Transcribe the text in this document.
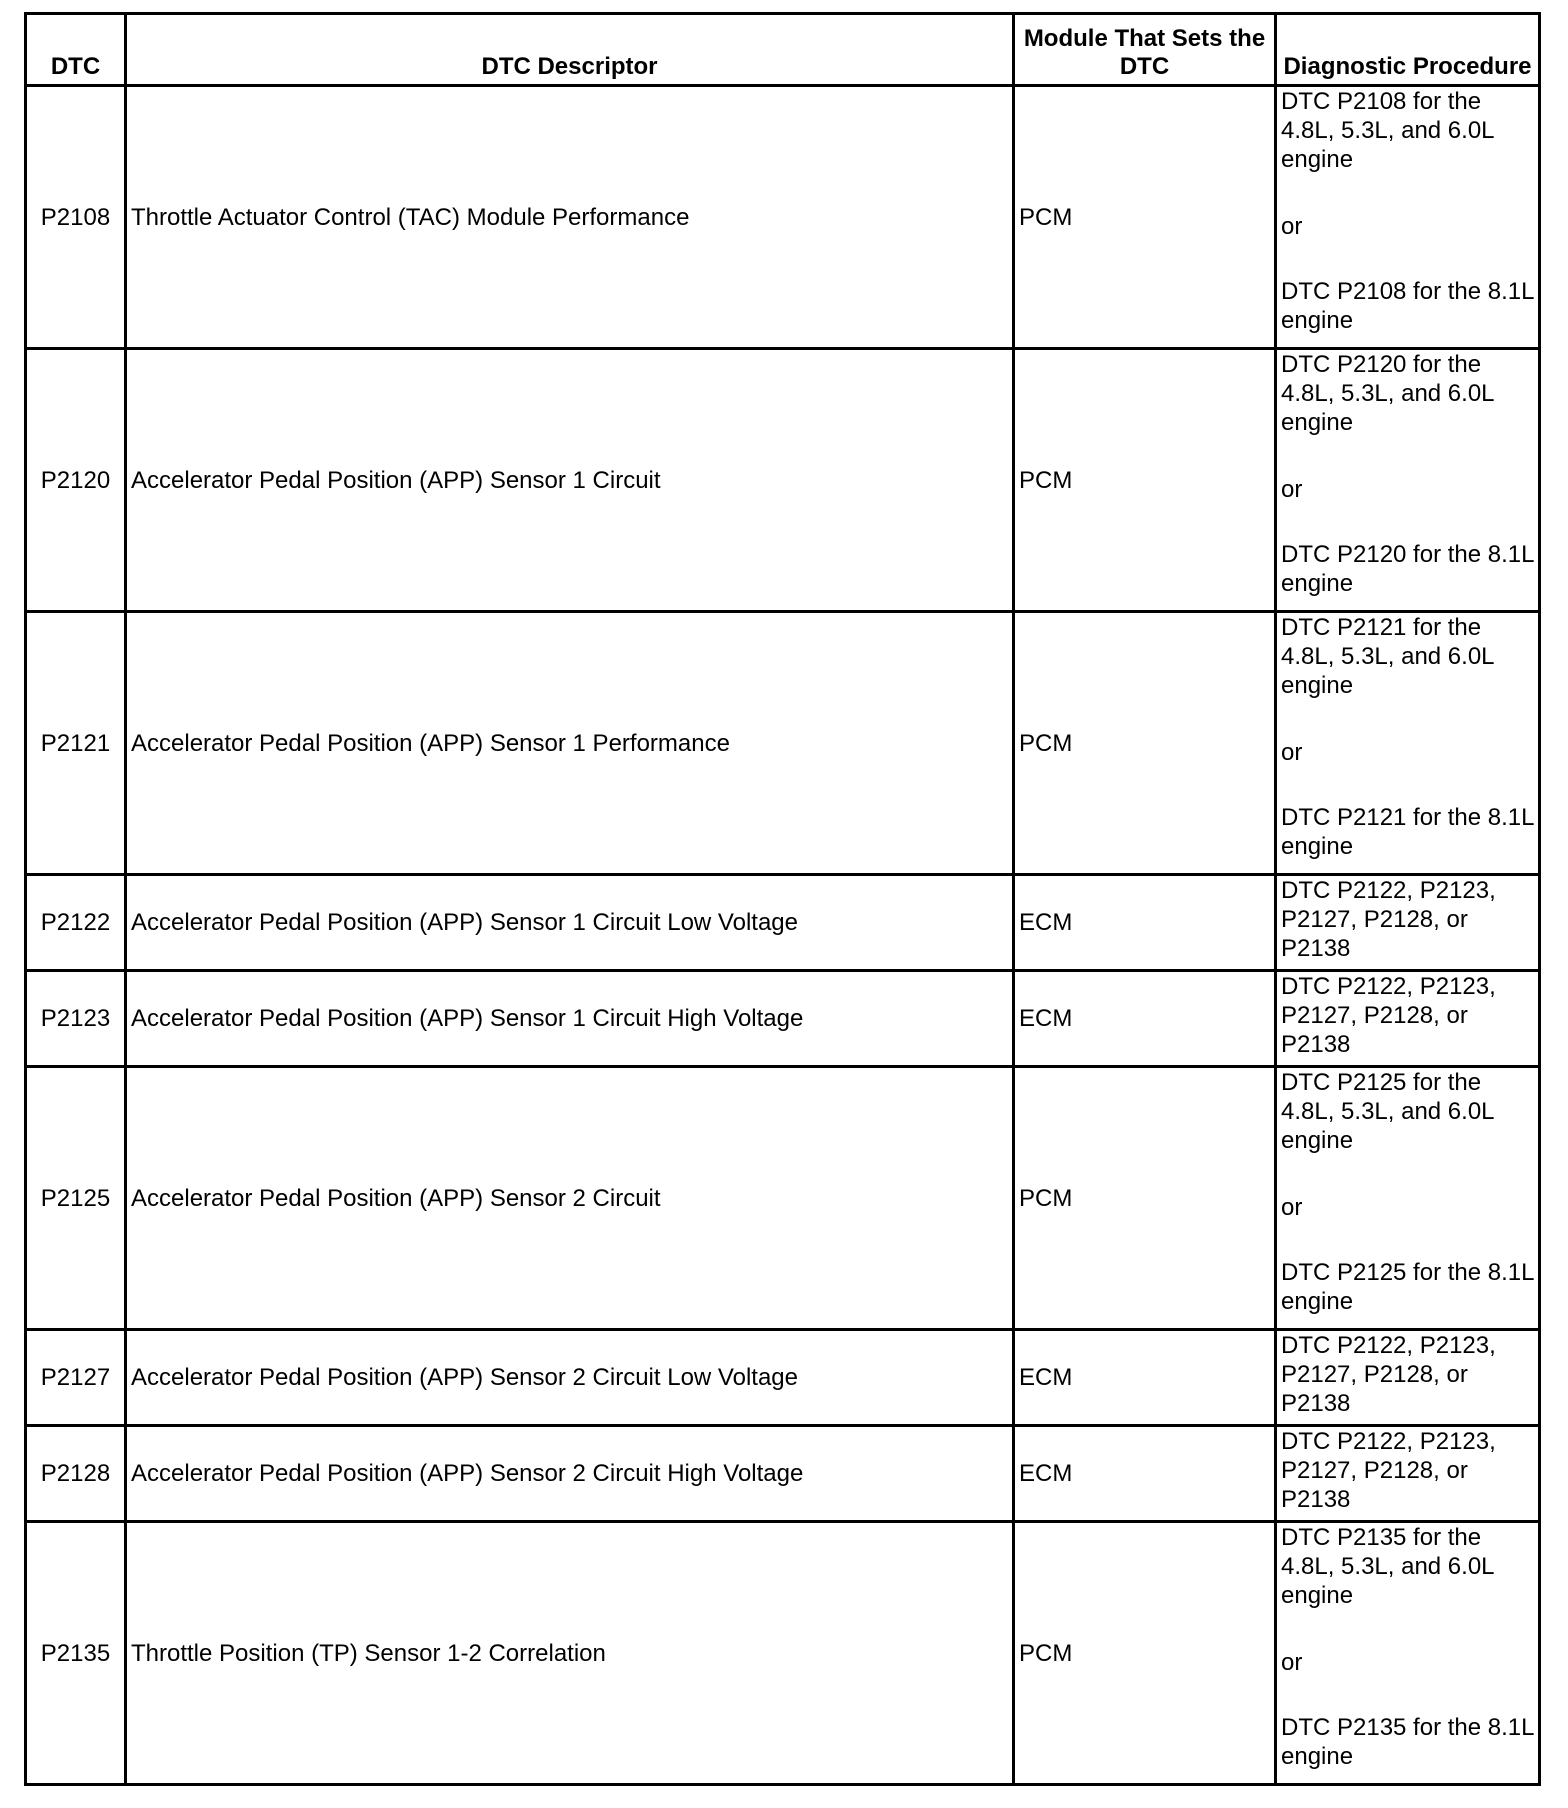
DTC	DTC Descriptor	Module That Sets the DTC	Diagnostic Procedure
P2108	Throttle Actuator Control (TAC) Module Performance	PCM	DTC P2108 for the 4.8L, 5.3L, and 6.0L engine
or
DTC P2108 for the 8.1L engine

P2120	Accelerator Pedal Position (APP) Sensor 1 Circuit	PCM	DTC P2120 for the 4.8L, 5.3L, and 6.0L engine
or
DTC P2120 for the 8.1L engine

P2121	Accelerator Pedal Position (APP) Sensor 1 Performance	PCM	DTC P2121 for the 4.8L, 5.3L, and 6.0L engine
or
DTC P2121 for the 8.1L engine

P2122	Accelerator Pedal Position (APP) Sensor 1 Circuit Low Voltage	ECM	DTC P2122, P2123, P2127, P2128, or P2138

P2123	Accelerator Pedal Position (APP) Sensor 1 Circuit High Voltage	ECM	DTC P2122, P2123, P2127, P2128, or P2138

P2125	Accelerator Pedal Position (APP) Sensor 2 Circuit	PCM	DTC P2125 for the 4.8L, 5.3L, and 6.0L engine
or
DTC P2125 for the 8.1L engine

P2127	Accelerator Pedal Position (APP) Sensor 2 Circuit Low Voltage	ECM	DTC P2122, P2123, P2127, P2128, or P2138

P2128	Accelerator Pedal Position (APP) Sensor 2 Circuit High Voltage	ECM	DTC P2122, P2123, P2127, P2128, or P2138

P2135	Throttle Position (TP) Sensor 1-2 Correlation	PCM	DTC P2135 for the 4.8L, 5.3L, and 6.0L engine
or
DTC P2135 for the 8.1L engine
